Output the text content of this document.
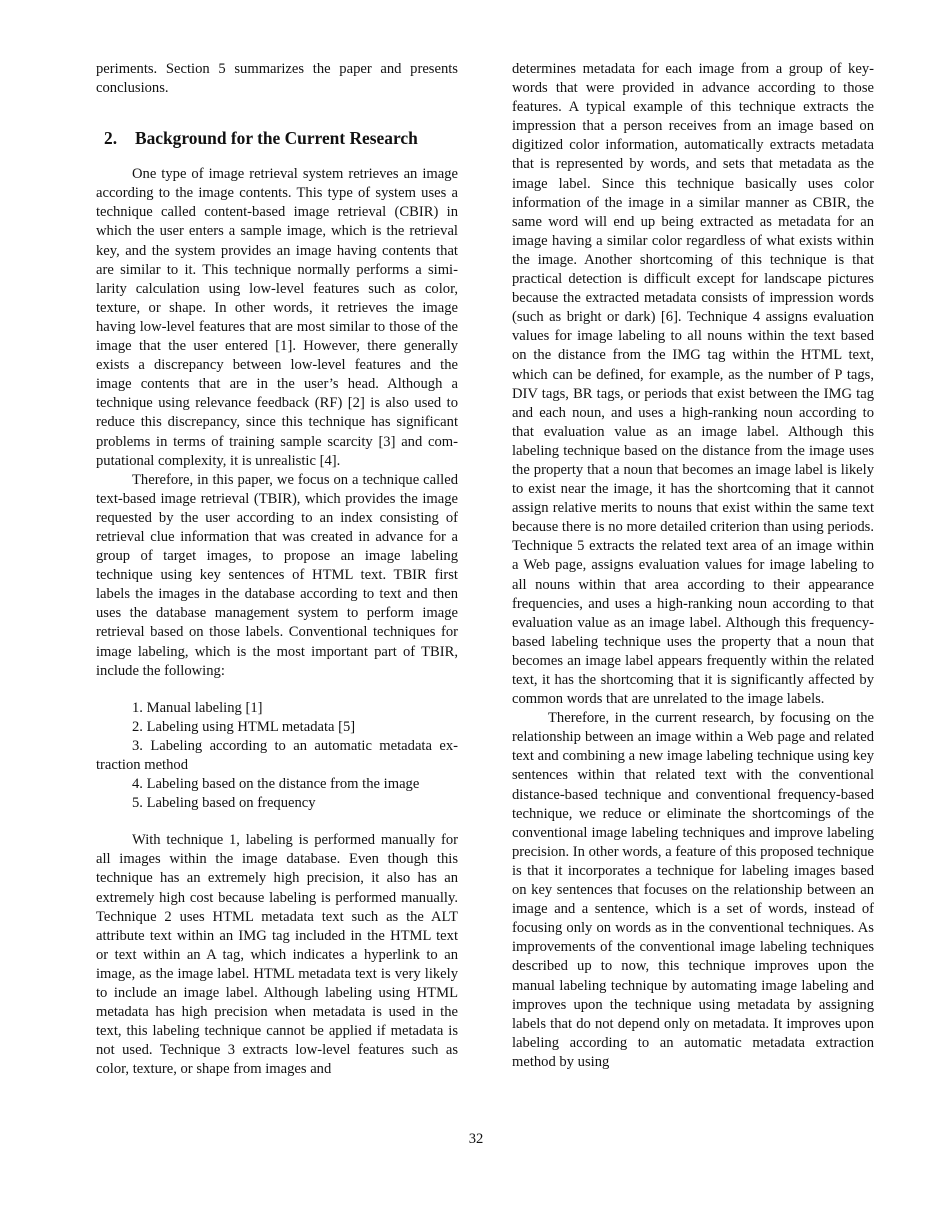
periments. Section 5 summarizes the paper and presents conclusions.

2. Background for the Current Research

One type of image retrieval system retrieves an image according to the image contents. This type of system uses a technique called content-based image retrieval (CBIR) in which the user enters a sample image, which is the retrieval key, and the system provides an image having contents that are similar to it. This technique normally performs a similarity calculation using low-level features such as color, texture, or shape. In other words, it retrieves the image having low-level features that are most similar to those of the image that the user entered [1]. However, there generally exists a discrepancy between low-level features and the image contents that are in the user’s head. Although a technique using relevance feedback (RF) [2] is also used to reduce this discrepancy, since this technique has significant problems in terms of training sample scarcity [3] and computational complexity, it is unrealistic [4].

Therefore, in this paper, we focus on a technique called text-based image retrieval (TBIR), which provides the image requested by the user according to an index consisting of retrieval clue information that was created in advance for a group of target images, to propose an image labeling technique using key sentences of HTML text. TBIR first labels the images in the database according to text and then uses the database management system to perform image retrieval based on those labels. Conventional techniques for image labeling, which is the most important part of TBIR, include the following:

1. Manual labeling [1]
2. Labeling using HTML metadata [5]
3. Labeling according to an automatic metadata extraction method
4. Labeling based on the distance from the image
5. Labeling based on frequency

With technique 1, labeling is performed manually for all images within the image database. Even though this technique has an extremely high precision, it also has an extremely high cost because labeling is performed manually. Technique 2 uses HTML metadata text such as the ALT attribute text within an IMG tag included in the HTML text or text within an A tag, which indicates a hyperlink to an image, as the image label. HTML metadata text is very likely to include an image label. Although labeling using HTML metadata has high precision when metadata is used in the text, this labeling technique cannot be applied if metadata is not used. Technique 3 extracts low-level features such as color, texture, or shape from images and

determines metadata for each image from a group of keywords that were provided in advance according to those features. A typical example of this technique extracts the impression that a person receives from an image based on digitized color information, automatically extracts metadata that is represented by words, and sets that metadata as the image label. Since this technique basically uses color information of the image in a similar manner as CBIR, the same word will end up being extracted as metadata for an image having a similar color regardless of what exists within the image. Another shortcoming of this technique is that practical detection is difficult except for landscape pictures because the extracted metadata consists of impression words (such as bright or dark) [6]. Technique 4 assigns evaluation values for image labeling to all nouns within the text based on the distance from the IMG tag within the HTML text, which can be defined, for example, as the number of P tags, DIV tags, BR tags, or periods that exist between the IMG tag and each noun, and uses a high-ranking noun according to that evaluation value as an image label. Although this labeling technique based on the distance from the image uses the property that a noun that becomes an image label is likely to exist near the image, it has the shortcoming that it cannot assign relative merits to nouns that exist within the same text because there is no more detailed criterion than using periods. Technique 5 extracts the related text area of an image within a Web page, assigns evaluation values for image labeling to all nouns within that area according to their appearance frequencies, and uses a high-ranking noun according to that evaluation value as an image label. Although this frequency-based labeling technique uses the property that a noun that becomes an image label appears frequently within the related text, it has the shortcoming that it is significantly affected by common words that are unrelated to the image labels.

Therefore, in the current research, by focusing on the relationship between an image within a Web page and related text and combining a new image labeling technique using key sentences within that related text with the conventional distance-based technique and conventional frequency-based technique, we reduce or eliminate the shortcomings of the conventional image labeling techniques and improve labeling precision. In other words, a feature of this proposed technique is that it incorporates a technique for labeling images based on key sentences that focuses on the relationship between an image and a sentence, which is a set of words, instead of focusing only on words as in the conventional techniques. As improvements of the conventional image labeling techniques described up to now, this technique improves upon the manual labeling technique by automating image labeling and improves upon the technique using metadata by assigning labels that do not depend only on metadata. It improves upon labeling according to an automatic metadata extraction method by using

32
